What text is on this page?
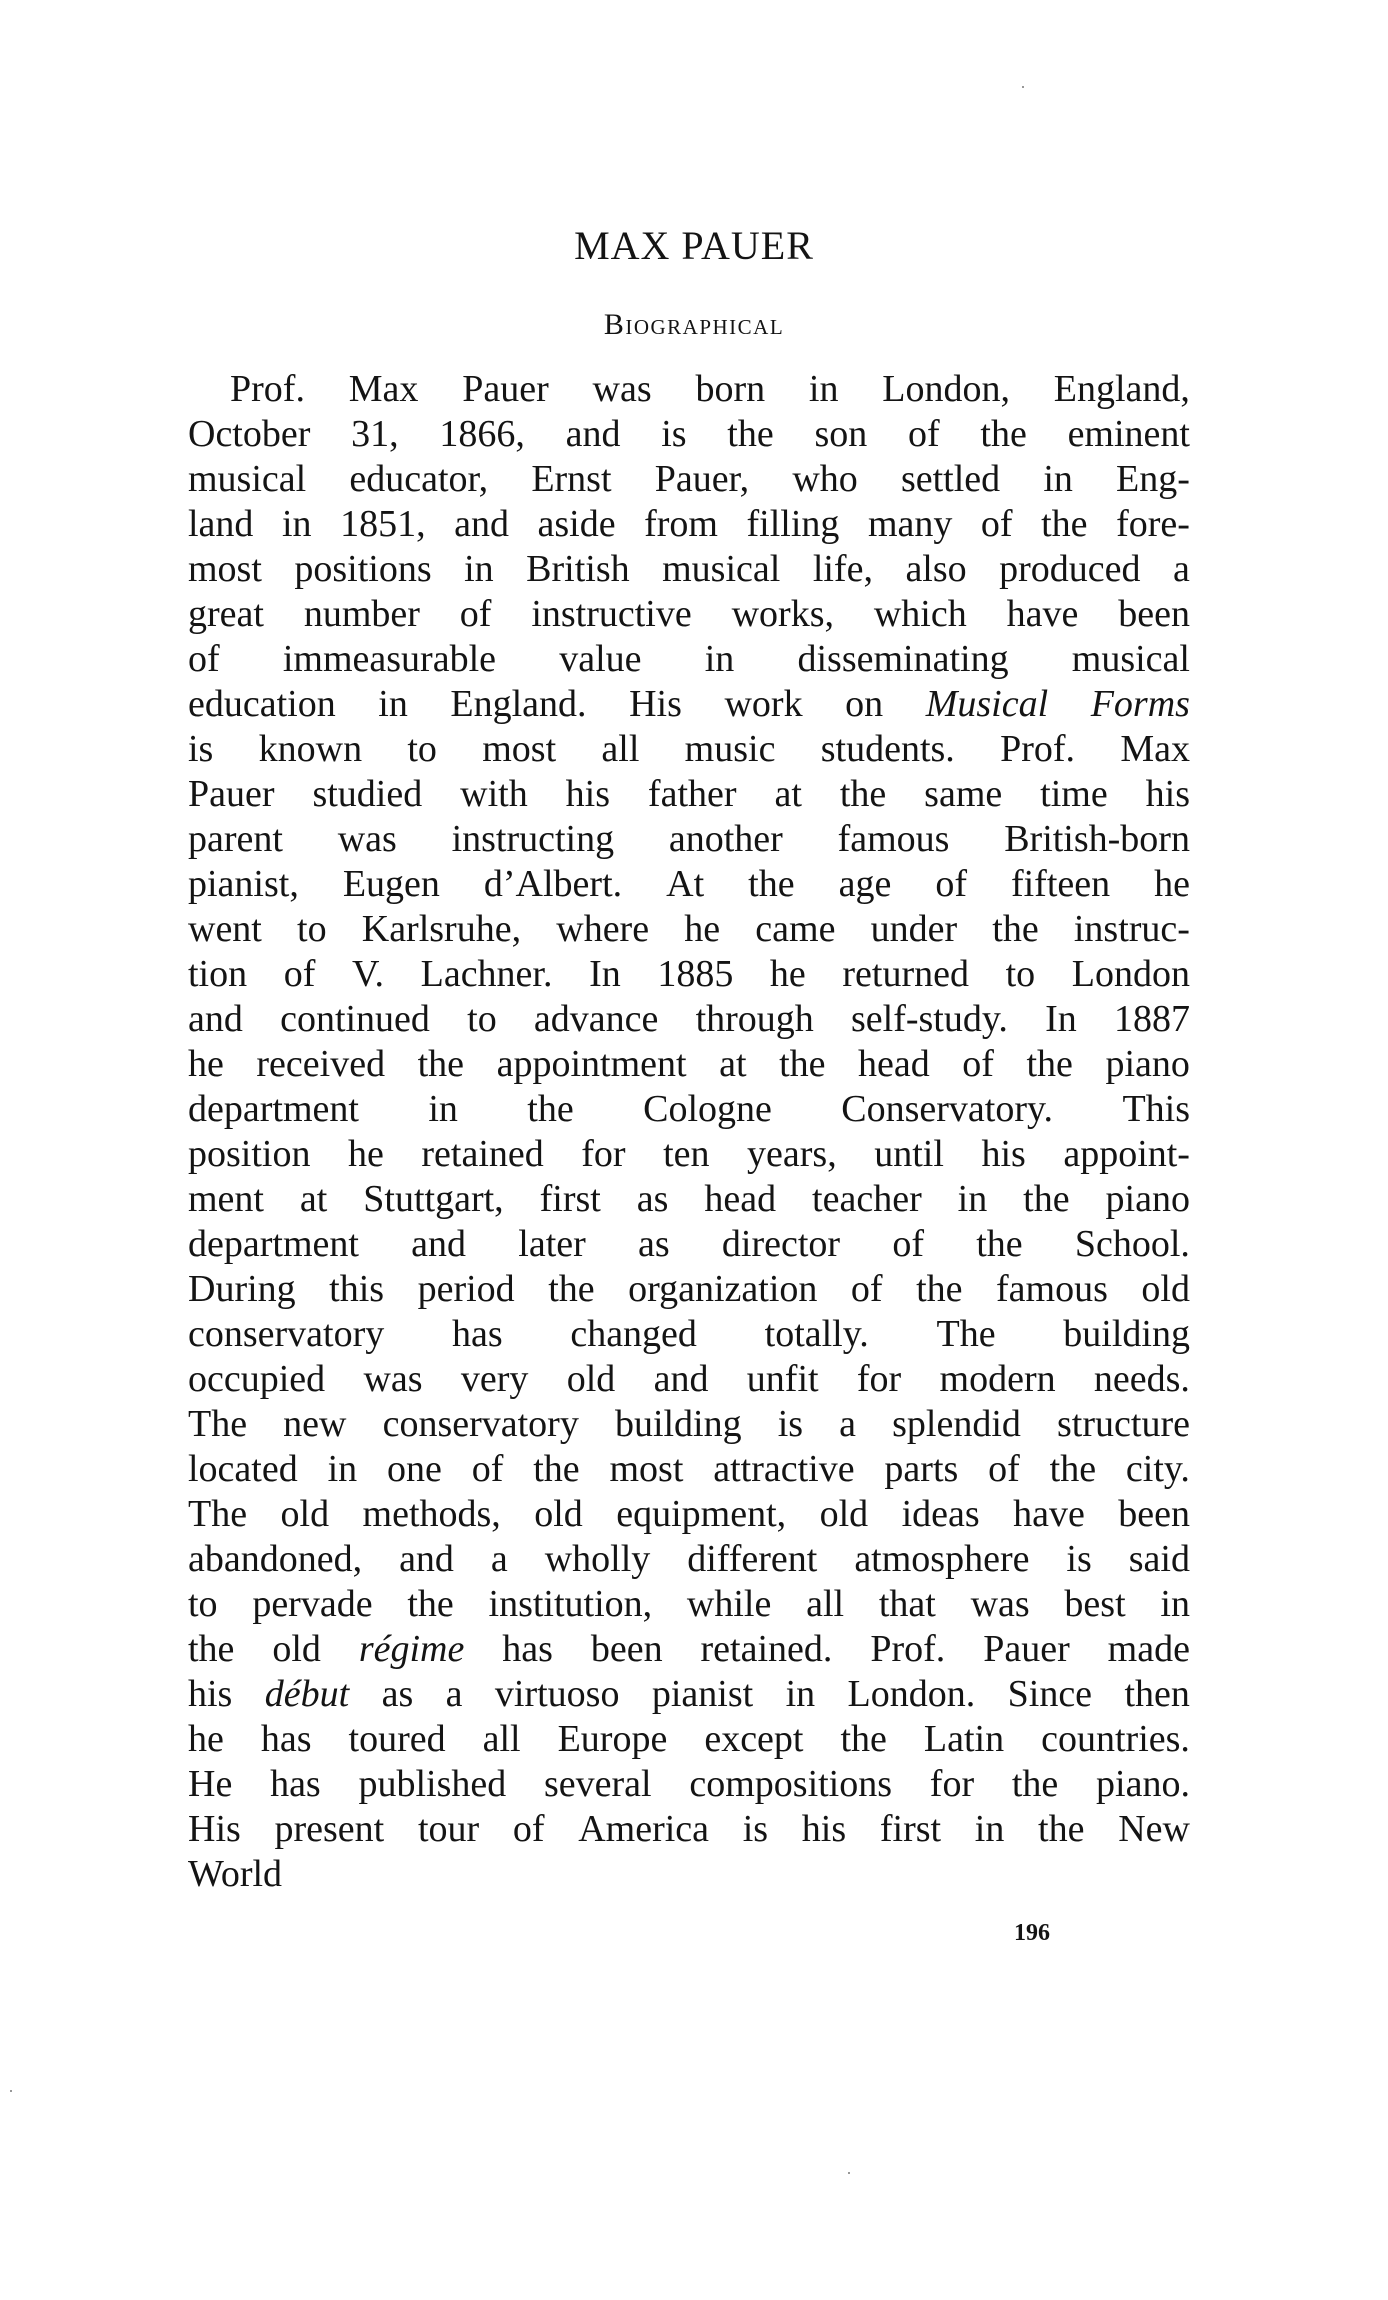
MAX PAUER
Biographical
Prof. Max Pauer was born in London, England,
October 31, 1866, and is the son of the eminent
musical educator, Ernst Pauer, who settled in Eng-
land in 1851, and aside from filling many of the fore-
most positions in British musical life, also produced a
great number of instructive works, which have been
of immeasurable value in disseminating musical
education in England. His work on Musical Forms
is known to most all music students. Prof. Max
Pauer studied with his father at the same time his
parent was instructing another famous British-born
pianist, Eugen d’Albert. At the age of fifteen he
went to Karlsruhe, where he came under the instruc-
tion of V. Lachner. In 1885 he returned to London
and continued to advance through self-study. In 1887
he received the appointment at the head of the piano
department in the Cologne Conservatory. This
position he retained for ten years, until his appoint-
ment at Stuttgart, first as head teacher in the piano
department and later as director of the School.
During this period the organization of the famous old
conservatory has changed totally. The building
occupied was very old and unfit for modern needs.
The new conservatory building is a splendid structure
located in one of the most attractive parts of the city.
The old methods, old equipment, old ideas have been
abandoned, and a wholly different atmosphere is said
to pervade the institution, while all that was best in
the old régime has been retained. Prof. Pauer made
his début as a virtuoso pianist in London. Since then
he has toured all Europe except the Latin countries.
He has published several compositions for the piano.
His present tour of America is his first in the New
World
196
